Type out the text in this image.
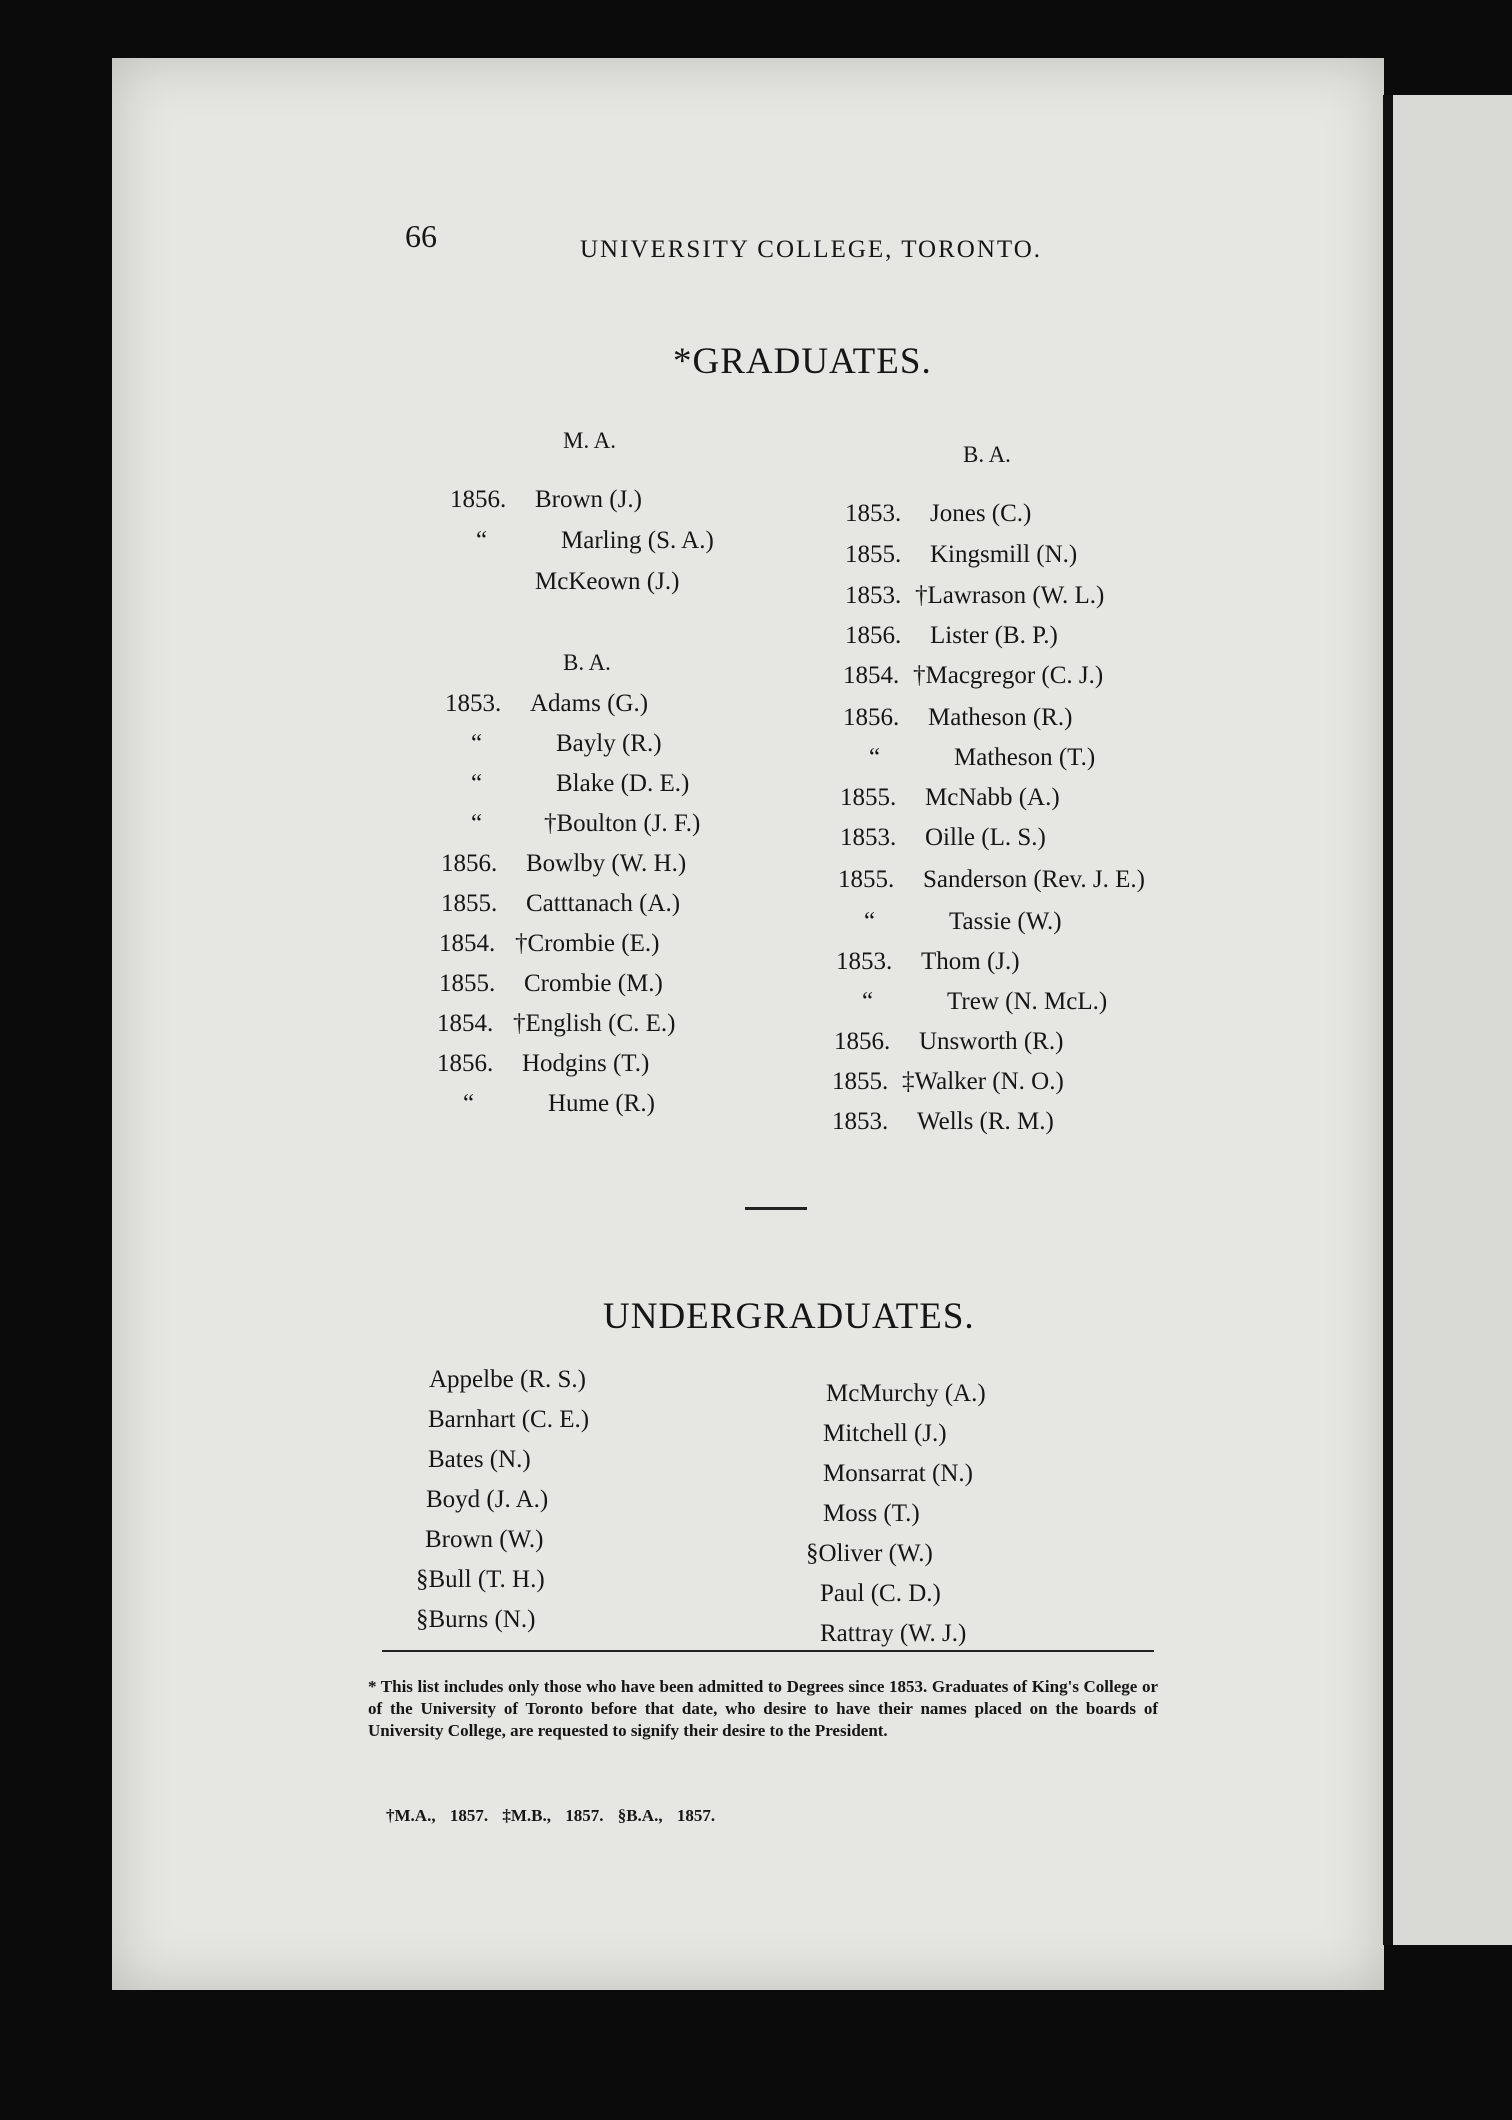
66	UNIVERSITY COLLEGE, TORONTO.
*GRADUATES.
M. A.
B. A.
B. A.
1856. Brown (J.)
“	Marling (S. A.)
McKeown (J.)
1853. Adams (G.)
“	Bayly (R.)
“	Blake (D. E.)
“ †Boulton (J. F.)
1856. Bowlby (W. H.)
1855. Catttanach (A.)
1854. †Crombie (E.)
1855. Crombie (M.)
1854. †English (C. E.)
1856. Hodgins (T.)
“	Hume (R.)
1853. Jones (C.)
1855. Kingsmill (N.)
1853. †Lawrason (W. L.)
1856. Lister (B. P.)
1854. †Macgregor (C. J.)
1856. Matheson (R.)
“	Matheson (T.)
1855. McNabb (A.)
1853. Oille (L. S.)
1855. Sanderson (Rev. J. E.)
“	Tassie (W.)
1853. Thom (J.)
“	Trew (N. McL.)
1856. Unsworth (R.)
1855. ‡Walker (N. O.)
1853. Wells (R. M.)
UNDERGRADUATES.
Appelbe (R. S.)
Barnhart (C. E.)
Bates (N.)
Boyd (J. A.)
Brown (W.)
§Bull (T. H.)
§Burns (N.)
McMurchy (A.)
Mitchell (J.)
Monsarrat (N.)
Moss (T.)
§Oliver (W.)
Paul (C. D.)
Rattray (W. J.)
* This list includes only those who have been admitted to Degrees since 1853. Graduates of King's College or of the University of Toronto before that date, who desire to have their names placed on the boards of University College, are requested to signify their desire to the President.
†M.A., 1857. ‡M.B., 1857. §B.A., 1857.
